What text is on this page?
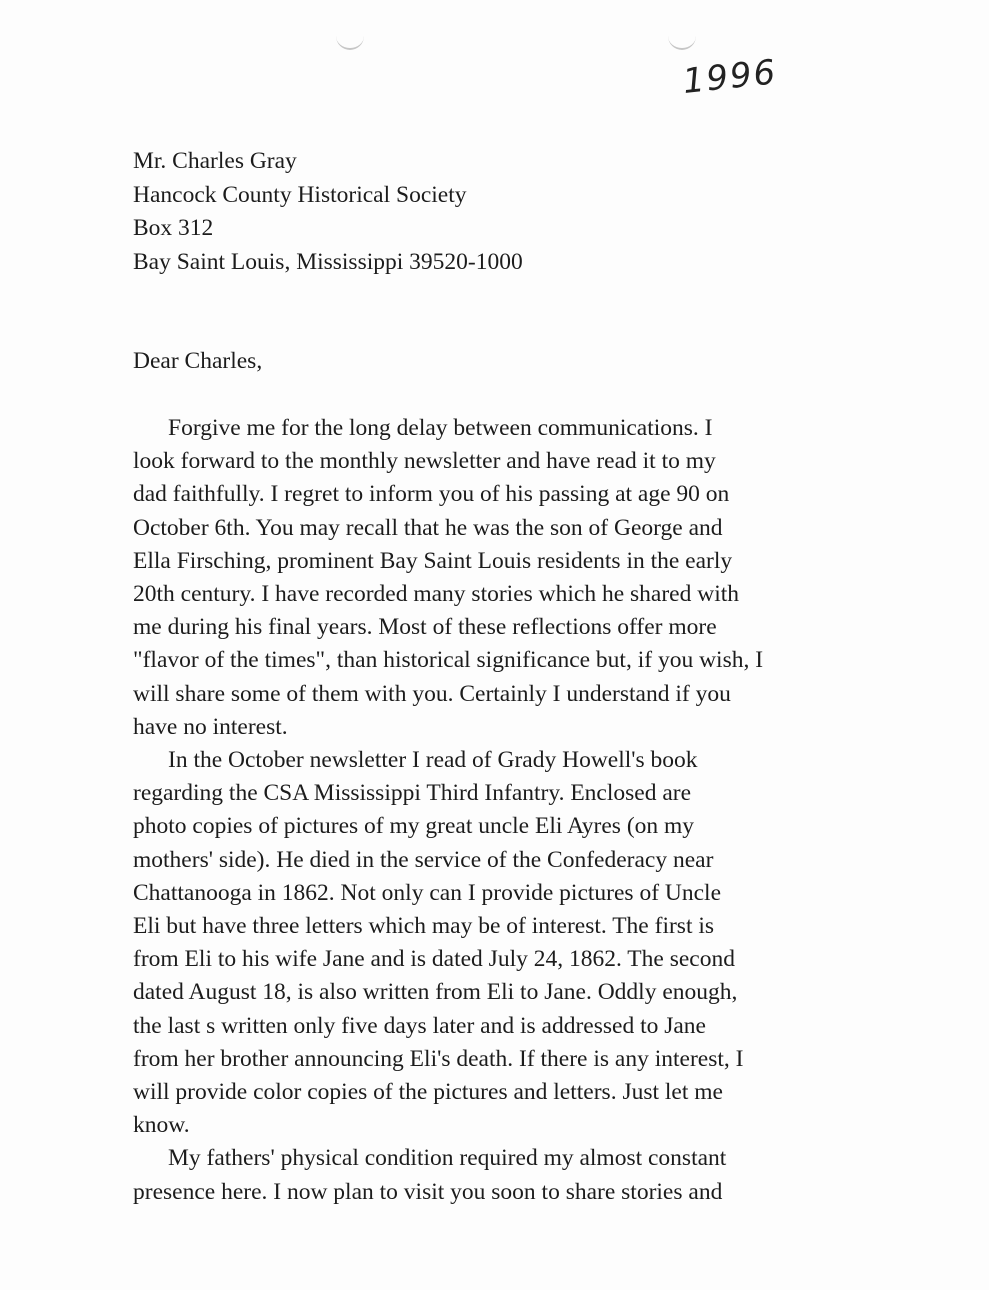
1996
Mr. Charles Gray
Hancock County Historical Society
Box 312
Bay Saint Louis, Mississippi 39520-1000
Dear Charles,
Forgive me for the long delay between communications. I
look forward to the monthly newsletter and have read it to my
dad faithfully. I regret to inform you of his passing at age 90 on
October 6th. You may recall that he was the son of George and
Ella Firsching, prominent Bay Saint Louis residents in the early
20th century. I have recorded many stories which he shared with
me during his final years. Most of these reflections offer more
"flavor of the times", than historical significance but, if you wish, I
will share some of them with you. Certainly I understand if you
have no interest.
In the October newsletter I read of Grady Howell's book
regarding the CSA Mississippi Third Infantry. Enclosed are
photo copies of pictures of my great uncle Eli Ayres (on my
mothers' side). He died in the service of the Confederacy near
Chattanooga in 1862. Not only can I provide pictures of Uncle
Eli but have three letters which may be of interest. The first is
from Eli to his wife Jane and is dated July 24, 1862. The second
dated August 18, is also written from Eli to Jane. Oddly enough,
the last s written only five days later and is addressed to Jane
from her brother announcing Eli's death. If there is any interest, I
will provide color copies of the pictures and letters. Just let me
know.
My fathers' physical condition required my almost constant
presence here. I now plan to visit you soon to share stories and
